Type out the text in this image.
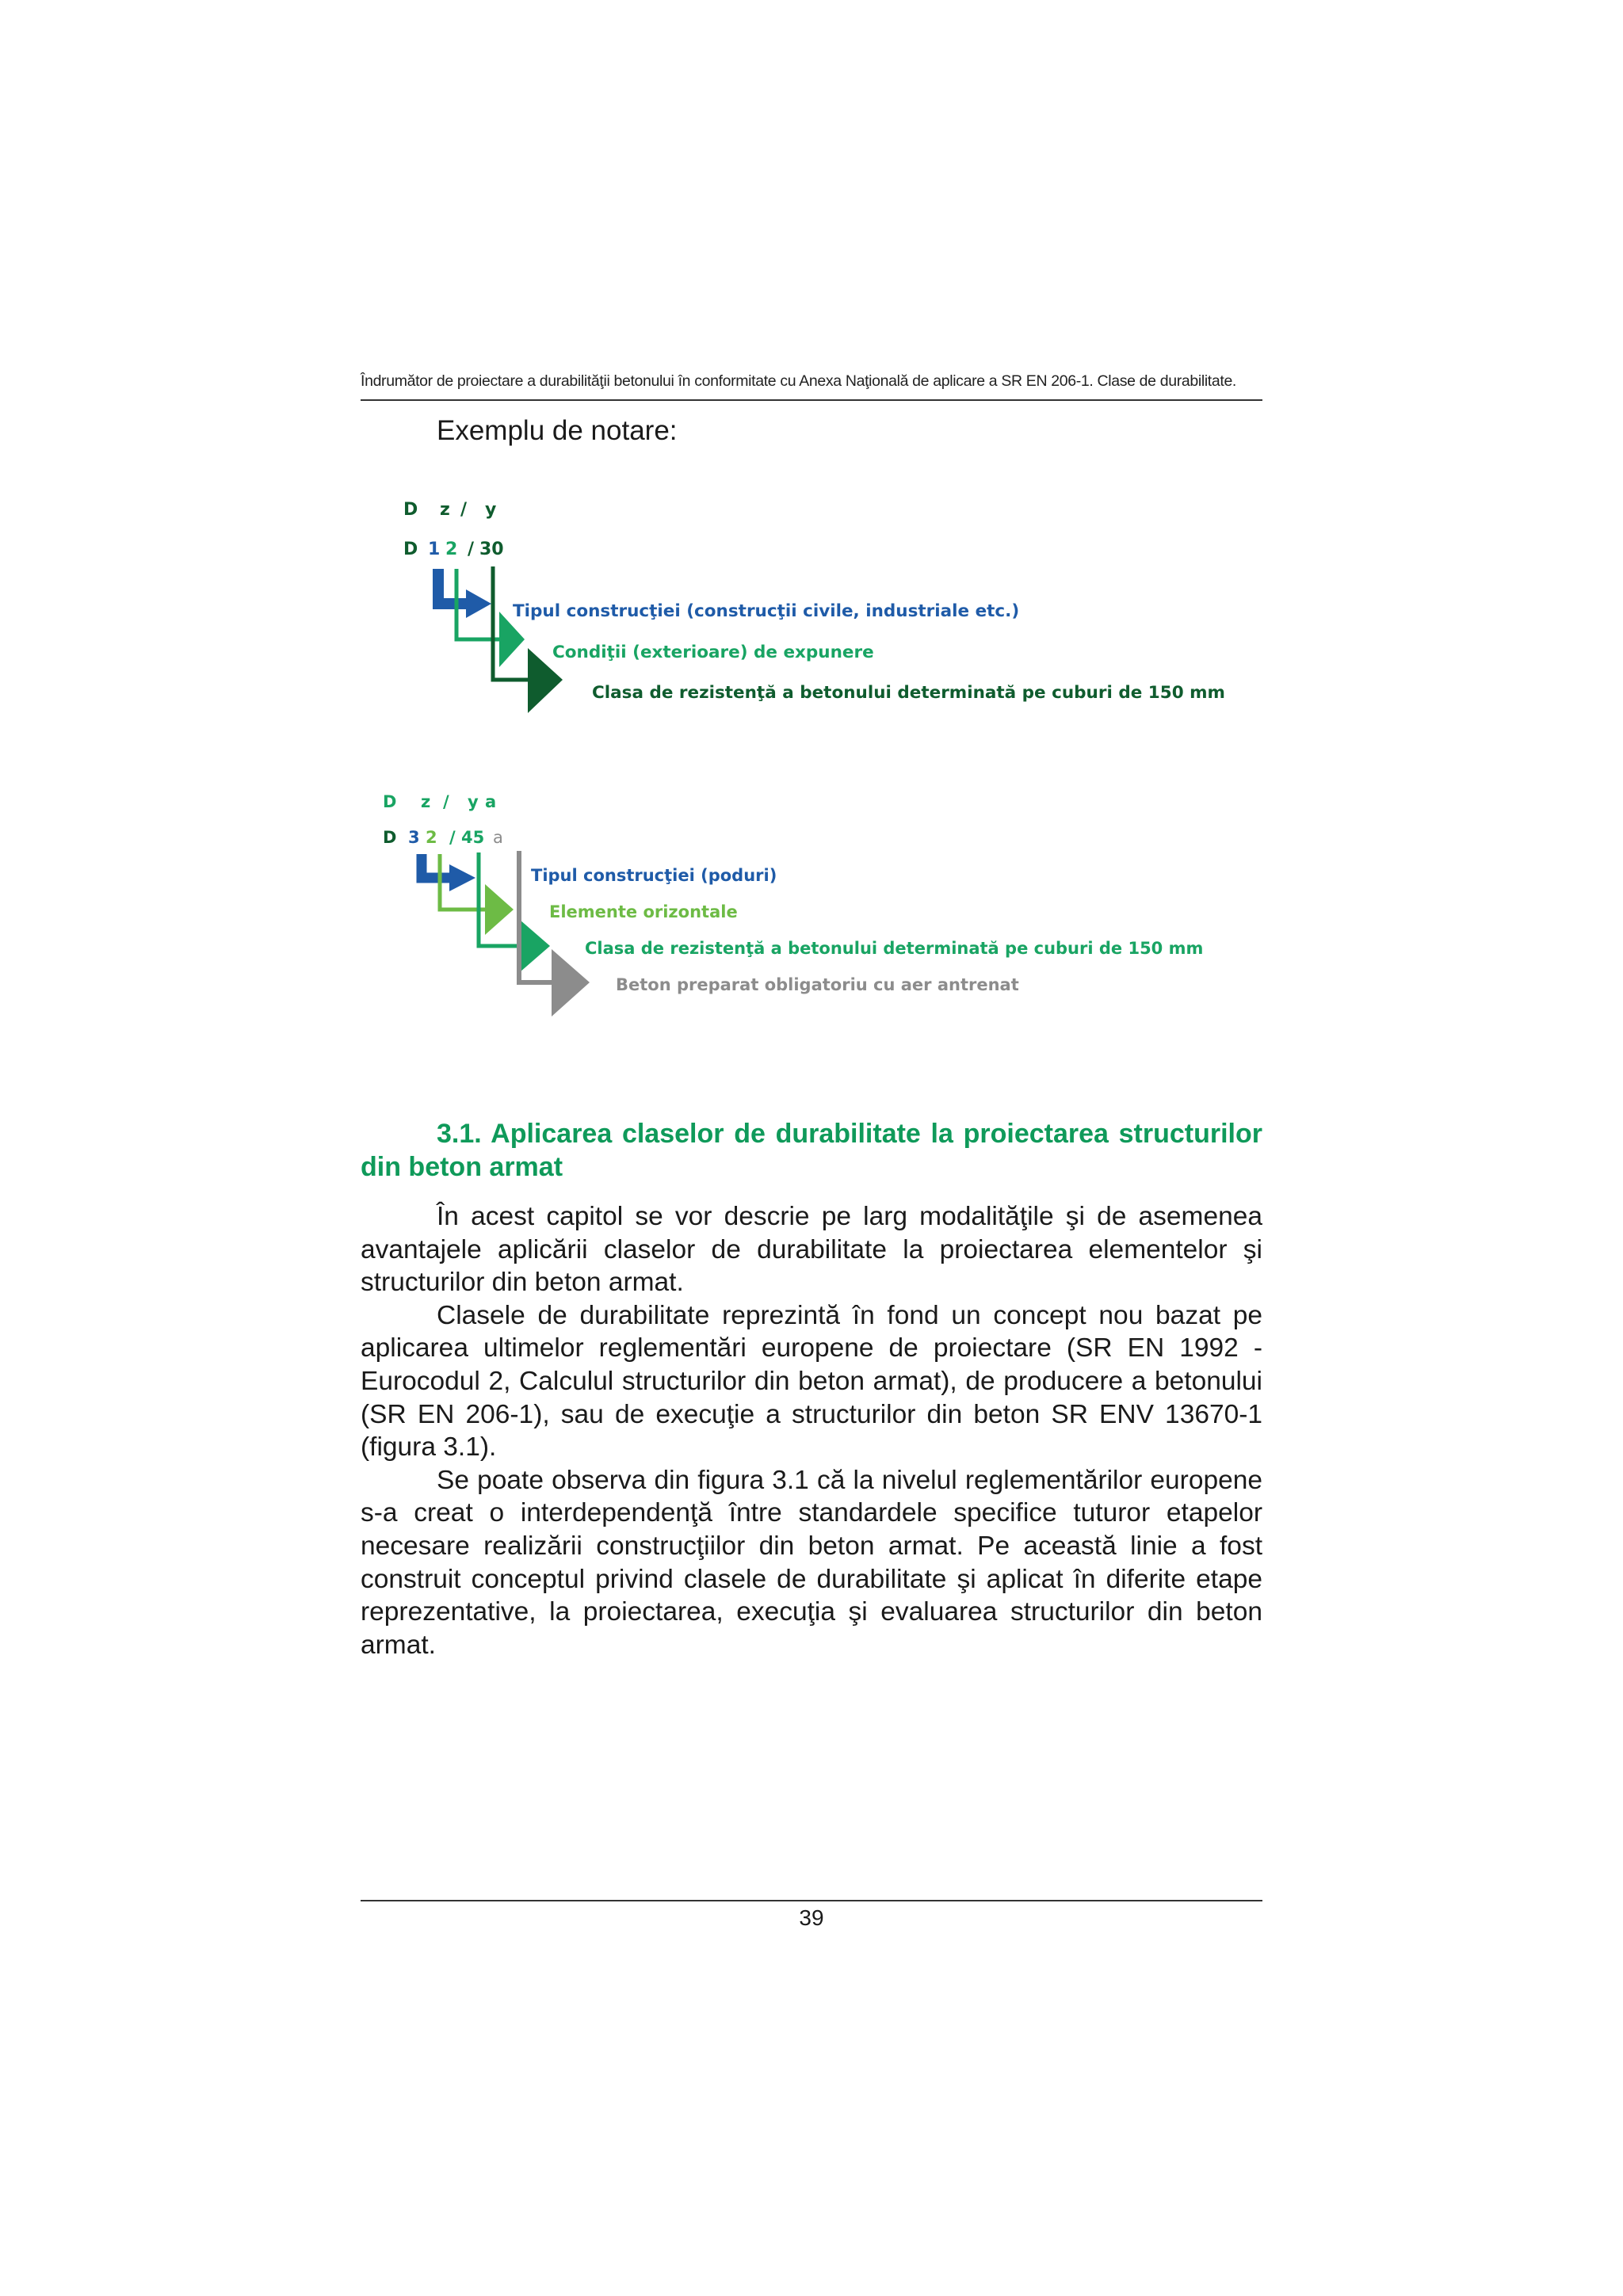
Îndrumător de proiectare a durabilităţii betonului în conformitate cu Anexa Naţională de aplicare a SR EN 206-1. Clase de durabilitate.
Exemplu de notare:
D z / y
D 1 2 / 30
Tipul construcţiei (construcţii civile, industriale etc.)
Condiţii (exterioare) de expunere
Clasa de rezistenţă a betonului determinată pe cuburi de 150 mm
D z / y a
D 3 2 / 45 a
Tipul construcţiei (poduri)
Elemente orizontale
Clasa de rezistenţă a betonului determinată pe cuburi de 150 mm
Beton preparat obligatoriu cu aer antrenat
3.1. Aplicarea claselor de durabilitate la proiectarea structurilor din beton armat

În acest capitol se vor descrie pe larg modalităţile şi de asemenea avantajele aplicării claselor de durabilitate la proiectarea elementelor şi structurilor din beton armat.

Clasele de durabilitate reprezintă în fond un concept nou bazat pe aplicarea ultimelor reglementări europene de proiectare (SR EN 1992 - Eurocodul 2, Calculul structurilor din beton armat), de producere a betonului (SR EN 206-1), sau de execuţie a structurilor din beton SR ENV 13670-1 (figura 3.1).

Se poate observa din figura 3.1 că la nivelul reglementărilor europene s-a creat o interdependenţă între standardele specifice tuturor etapelor necesare realizării construcţiilor din beton armat. Pe această linie a fost construit conceptul privind clasele de durabilitate şi aplicat în diferite etape reprezentative, la proiectarea, execuţia şi evaluarea structurilor din beton armat.

39
